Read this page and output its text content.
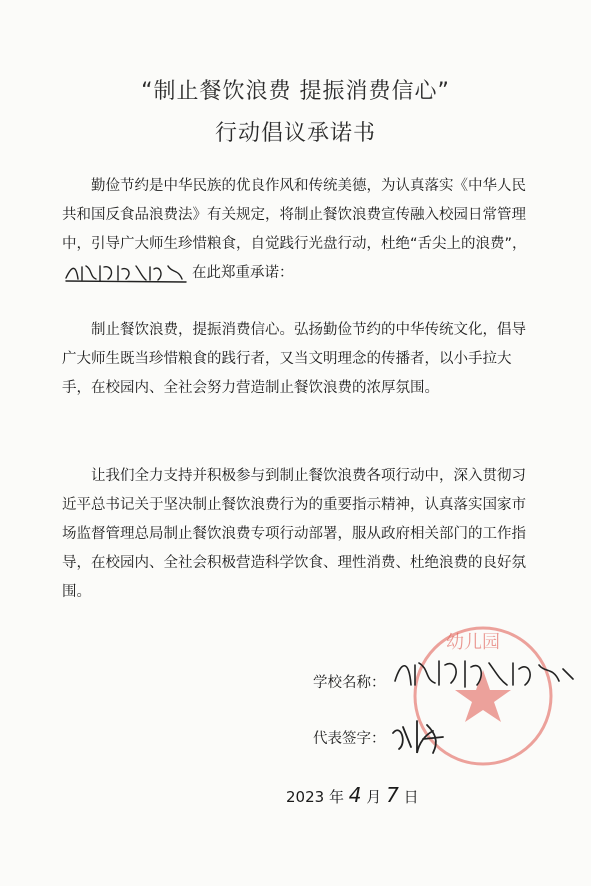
“制止餐饮浪费 提振消费信心”
行动倡议承诺书

勤俭节约是中华民族的优良作风和传统美德，为认真落实《中华人民共和国反食品浪费法》有关规定，将制止餐饮浪费宣传融入校园日常管理中，引导广大师生珍惜粮食，自觉践行光盘行动，杜绝“舌尖上的浪费”，在此郑重承诺：

制止餐饮浪费，提振消费信心。弘扬勤俭节约的中华传统文化，倡导广大师生既当珍惜粮食的践行者，又当文明理念的传播者，以小手拉大手，在校园内、全社会努力营造制止餐饮浪费的浓厚氛围。

让我们全力支持并积极参与到制止餐饮浪费各项行动中，深入贯彻习近平总书记关于坚决制止餐饮浪费行为的重要指示精神，认真落实国家市场监督管理总局制止餐饮浪费专项行动部署，服从政府相关部门的工作指导，在校园内、全社会积极营造科学饮食、理性消费、杜绝浪费的良好氛围。

幼儿园
学校名称：
代表签字：
2023 年 4 月 7 日
